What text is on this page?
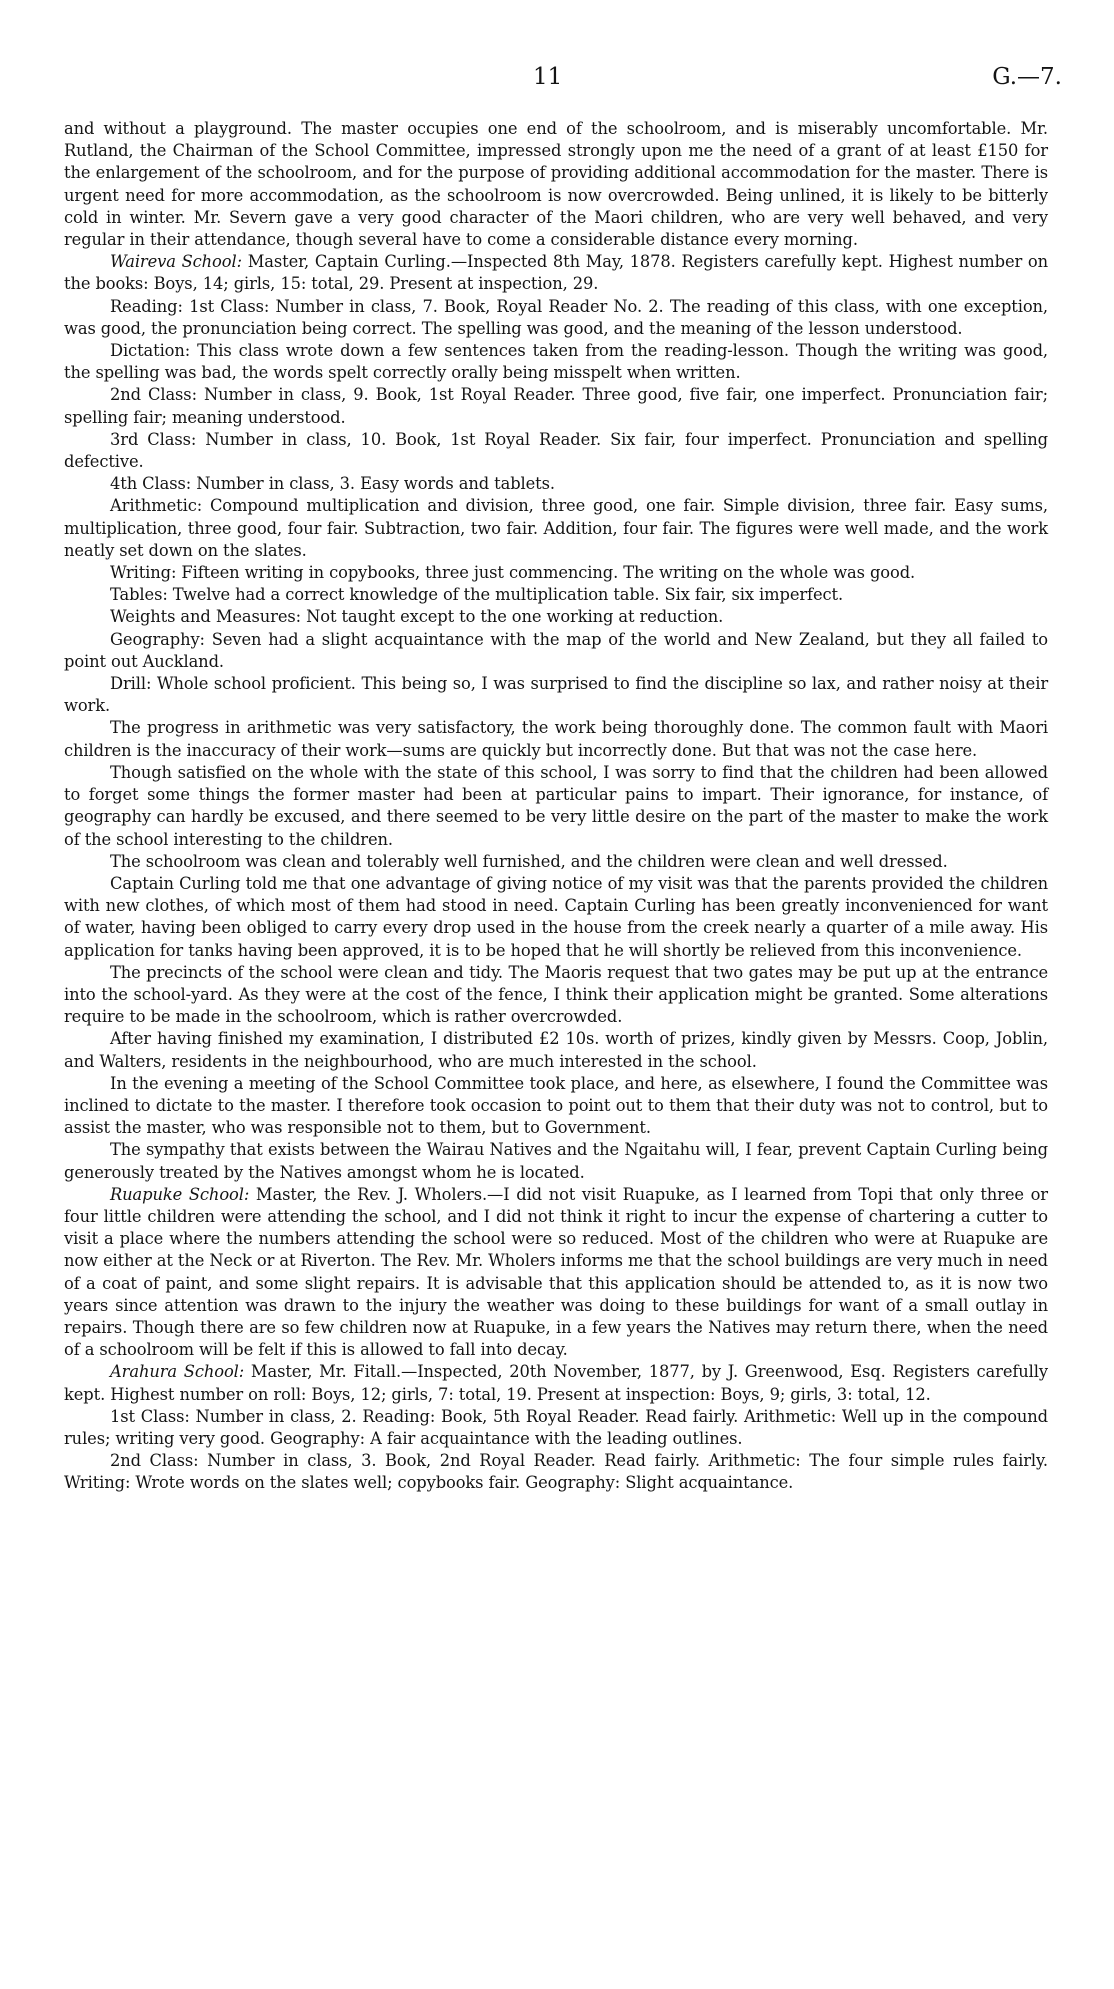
11	G.—7.

and without a playground. The master occupies one end of the schoolroom, and is miserably uncomfortable. Mr. Rutland, the Chairman of the School Committee, impressed strongly upon me the need of a grant of at least £150 for the enlargement of the schoolroom, and for the purpose of providing additional accommodation for the master. There is urgent need for more accommodation, as the schoolroom is now overcrowded. Being unlined, it is likely to be bitterly cold in winter. Mr. Severn gave a very good character of the Maori children, who are very well behaved, and very regular in their attendance, though several have to come a considerable distance every morning.

Waireva School: Master, Captain Curling.—Inspected 8th May, 1878. Registers carefully kept. Highest number on the books: Boys, 14; girls, 15: total, 29. Present at inspection, 29.

Reading: 1st Class: Number in class, 7. Book, Royal Reader No. 2. The reading of this class, with one exception, was good, the pronunciation being correct. The spelling was good, and the meaning of the lesson understood.

Dictation: This class wrote down a few sentences taken from the reading-lesson. Though the writing was good, the spelling was bad, the words spelt correctly orally being misspelt when written.

2nd Class: Number in class, 9. Book, 1st Royal Reader. Three good, five fair, one imperfect. Pronunciation fair; spelling fair; meaning understood.

3rd Class: Number in class, 10. Book, 1st Royal Reader. Six fair, four imperfect. Pronunciation and spelling defective.

4th Class: Number in class, 3. Easy words and tablets.

Arithmetic: Compound multiplication and division, three good, one fair. Simple division, three fair. Easy sums, multiplication, three good, four fair. Subtraction, two fair. Addition, four fair. The figures were well made, and the work neatly set down on the slates.

Writing: Fifteen writing in copybooks, three just commencing. The writing on the whole was good.

Tables: Twelve had a correct knowledge of the multiplication table. Six fair, six imperfect.

Weights and Measures: Not taught except to the one working at reduction.

Geography: Seven had a slight acquaintance with the map of the world and New Zealand, but they all failed to point out Auckland.

Drill: Whole school proficient. This being so, I was surprised to find the discipline so lax, and rather noisy at their work.

The progress in arithmetic was very satisfactory, the work being thoroughly done. The common fault with Maori children is the inaccuracy of their work—sums are quickly but incorrectly done. But that was not the case here.

Though satisfied on the whole with the state of this school, I was sorry to find that the children had been allowed to forget some things the former master had been at particular pains to impart. Their ignorance, for instance, of geography can hardly be excused, and there seemed to be very little desire on the part of the master to make the work of the school interesting to the children.

The schoolroom was clean and tolerably well furnished, and the children were clean and well dressed.

Captain Curling told me that one advantage of giving notice of my visit was that the parents provided the children with new clothes, of which most of them had stood in need. Captain Curling has been greatly inconvenienced for want of water, having been obliged to carry every drop used in the house from the creek nearly a quarter of a mile away. His application for tanks having been approved, it is to be hoped that he will shortly be relieved from this inconvenience.

The precincts of the school were clean and tidy. The Maoris request that two gates may be put up at the entrance into the school-yard. As they were at the cost of the fence, I think their application might be granted. Some alterations require to be made in the schoolroom, which is rather overcrowded.

After having finished my examination, I distributed £2 10s. worth of prizes, kindly given by Messrs. Coop, Joblin, and Walters, residents in the neighbourhood, who are much interested in the school.

In the evening a meeting of the School Committee took place, and here, as elsewhere, I found the Committee was inclined to dictate to the master. I therefore took occasion to point out to them that their duty was not to control, but to assist the master, who was responsible not to them, but to Government.

The sympathy that exists between the Wairau Natives and the Ngaitahu will, I fear, prevent Captain Curling being generously treated by the Natives amongst whom he is located.

Ruapuke School: Master, the Rev. J. Wholers.—I did not visit Ruapuke, as I learned from Topi that only three or four little children were attending the school, and I did not think it right to incur the expense of chartering a cutter to visit a place where the numbers attending the school were so reduced. Most of the children who were at Ruapuke are now either at the Neck or at Riverton. The Rev. Mr. Wholers informs me that the school buildings are very much in need of a coat of paint, and some slight repairs. It is advisable that this application should be attended to, as it is now two years since attention was drawn to the injury the weather was doing to these buildings for want of a small outlay in repairs. Though there are so few children now at Ruapuke, in a few years the Natives may return there, when the need of a schoolroom will be felt if this is allowed to fall into decay.

Arahura School: Master, Mr. Fitall.—Inspected, 20th November, 1877, by J. Greenwood, Esq. Registers carefully kept. Highest number on roll: Boys, 12; girls, 7: total, 19. Present at inspection: Boys, 9; girls, 3: total, 12.

1st Class: Number in class, 2. Reading: Book, 5th Royal Reader. Read fairly. Arithmetic: Well up in the compound rules; writing very good. Geography: A fair acquaintance with the leading outlines.

2nd Class: Number in class, 3. Book, 2nd Royal Reader. Read fairly. Arithmetic: The four simple rules fairly. Writing: Wrote words on the slates well; copybooks fair. Geography: Slight acquaintance.
